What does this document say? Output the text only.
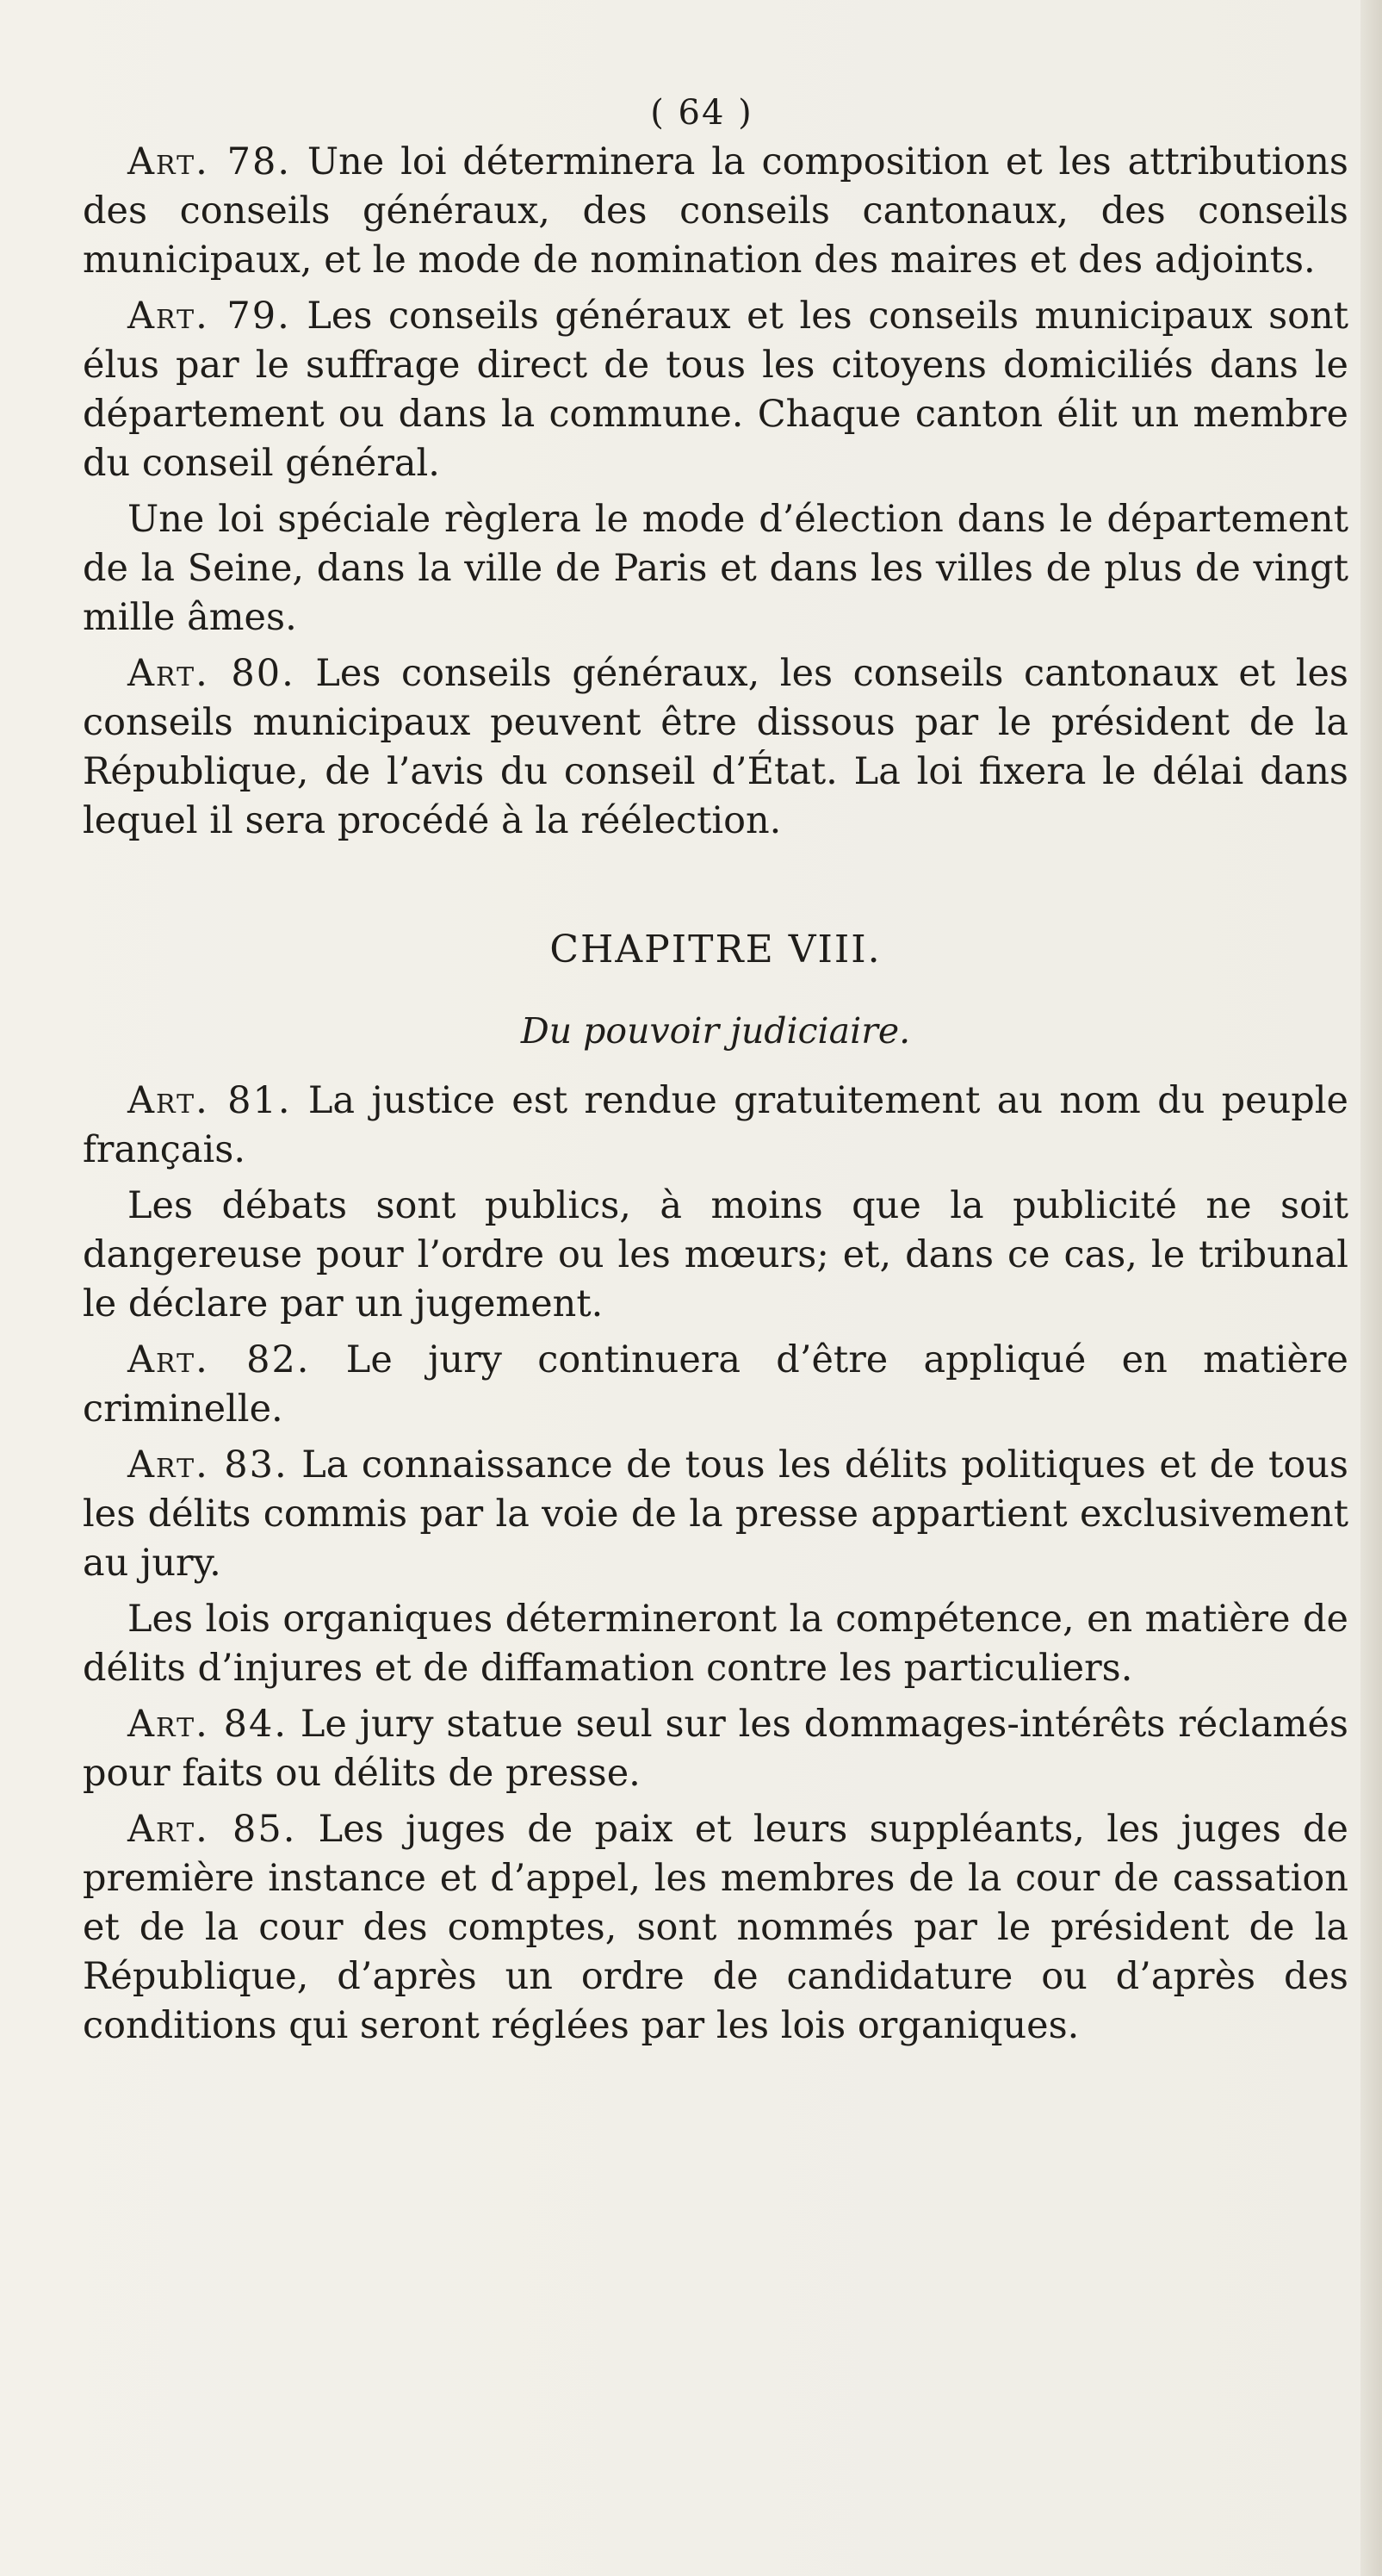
( 64 )

Art. 78. Une loi déterminera la composition et les attributions des conseils généraux, des conseils cantonaux, des conseils municipaux, et le mode de nomination des maires et des adjoints.

Art. 79. Les conseils généraux et les conseils municipaux sont élus par le suffrage direct de tous les citoyens domiciliés dans le département ou dans la commune. Chaque canton élit un membre du conseil général.

Une loi spéciale règlera le mode d’élection dans le département de la Seine, dans la ville de Paris et dans les villes de plus de vingt mille âmes.

Art. 80. Les conseils généraux, les conseils cantonaux et les conseils municipaux peuvent être dissous par le président de la République, de l’avis du conseil d’État. La loi fixera le délai dans lequel il sera procédé à la réélection.

CHAPITRE VIII.
Du pouvoir judiciaire.

Art. 81. La justice est rendue gratuitement au nom du peuple français.

Les débats sont publics, à moins que la publicité ne soit dangereuse pour l’ordre ou les mœurs; et, dans ce cas, le tribunal le déclare par un jugement.

Art. 82. Le jury continuera d’être appliqué en matière criminelle.

Art. 83. La connaissance de tous les délits politiques et de tous les délits commis par la voie de la presse appartient exclusivement au jury.

Les lois organiques détermineront la compétence, en matière de délits d’injures et de diffamation contre les particuliers.

Art. 84. Le jury statue seul sur les dommages-intérêts réclamés pour faits ou délits de presse.

Art. 85. Les juges de paix et leurs suppléants, les juges de première instance et d’appel, les membres de la cour de cassation et de la cour des comptes, sont nommés par le président de la République, d’après un ordre de candidature ou d’après des conditions qui seront réglées par les lois organiques.
